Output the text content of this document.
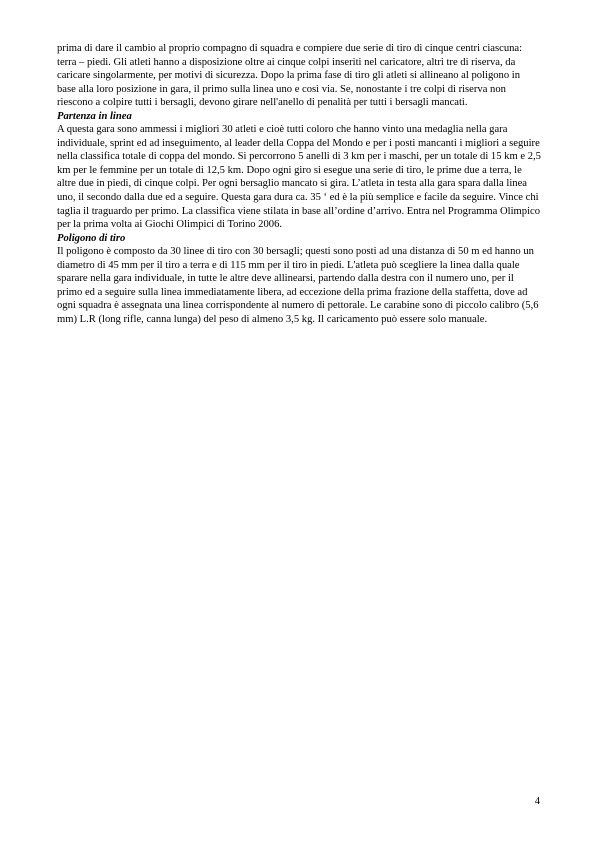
prima di dare il cambio al proprio compagno di squadra e compiere due serie di tiro di cinque centri ciascuna: terra – piedi. Gli atleti hanno a disposizione oltre ai cinque colpi inseriti nel caricatore, altri tre di riserva, da caricare singolarmente, per motivi di sicurezza. Dopo la prima fase di tiro gli atleti si allineano al poligono in base alla loro posizione in gara, il primo sulla linea uno e così via. Se, nonostante i tre colpi di riserva non riescono a colpire tutti i bersagli, devono girare nell'anello di penalità per tutti i bersagli mancati.

Partenza in linea

A questa gara sono ammessi i migliori 30 atleti e cioè tutti coloro che hanno vinto una medaglia nella gara individuale, sprint ed ad inseguimento, al leader della Coppa del Mondo e per i posti mancanti i migliori a seguire nella classifica totale di coppa del mondo. Si percorrono 5 anelli di 3 km per i maschi, per un totale di 15 km e 2,5 km per le femmine per un totale di 12,5 km. Dopo ogni giro si esegue una serie di tiro, le prime due a terra, le altre due in piedi, di cinque colpi. Per ogni bersaglio mancato si gira. L’atleta in testa alla gara spara dalla linea uno, il secondo dalla due ed a seguire. Questa gara dura ca. 35 ‘ ed è la più semplice e facile da seguire. Vince chi taglia il traguardo per primo. La classifica viene stilata in base all’ordine d’arrivo. Entra nel Programma Olimpico per la prima volta ai Giochi Olimpici di Torino 2006.

Poligono di tiro

Il poligono è composto da 30 linee di tiro con 30 bersagli; questi sono posti ad una distanza di 50 m ed hanno un diametro di 45 mm per il tiro a terra e di 115 mm per il tiro in piedi. L'atleta può scegliere la linea dalla quale sparare nella gara individuale, in tutte le altre deve allinearsi, partendo dalla destra con il numero uno, per il primo ed a seguire sulla linea immediatamente libera, ad eccezione della prima frazione della staffetta, dove ad ogni squadra è assegnata una linea corrispondente al numero di pettorale. Le carabine sono di piccolo calibro (5,6 mm) L.R (long rifle, canna lunga) del peso di almeno 3,5 kg. Il caricamento può essere solo manuale.

4
